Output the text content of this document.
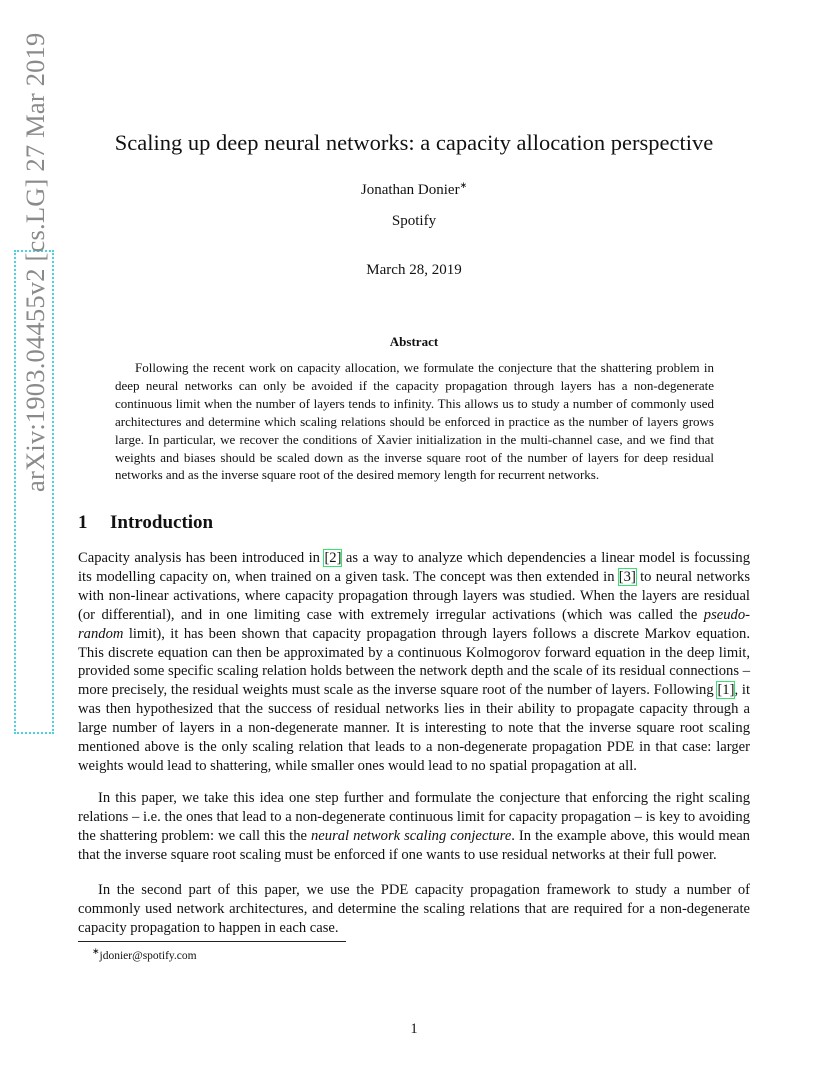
arXiv:1903.04455v2 [cs.LG] 27 Mar 2019	Scaling up deep neural networks: a capacity allocation perspective
Jonathan Donier∗
Spotify
March 28, 2019
Abstract

Following the recent work on capacity allocation, we formulate the conjecture that the shattering problem in deep neural networks can only be avoided if the capacity propagation through layers has a non-degenerate continuous limit when the number of layers tends to infinity. This allows us to study a number of commonly used architectures and determine which scaling relations should be enforced in practice as the number of layers grows large. In particular, we recover the conditions of Xavier initialization in the multi-channel case, and we find that weights and biases should be scaled down as the inverse square root of the number of layers for deep residual networks and as the inverse square root of the desired memory length for recurrent networks.

1 Introduction

Capacity analysis has been introduced in [2] as a way to analyze which dependencies a linear model is focussing its modelling capacity on, when trained on a given task. The concept was then extended in [3] to neural networks with non-linear activations, where capacity propagation through layers was studied. When the layers are residual (or differential), and in one limiting case with extremely irregular activations (which was called the pseudo-random limit), it has been shown that capacity propagation through layers follows a discrete Markov equation. This discrete equation can then be approximated by a continuous Kolmogorov forward equation in the deep limit, provided some specific scaling relation holds between the network depth and the scale of its residual connections – more precisely, the residual weights must scale as the inverse square root of the number of layers. Following [1], it was then hypothesized that the success of residual networks lies in their ability to propagate capacity through a large number of layers in a non-degenerate manner. It is interesting to note that the inverse square root scaling mentioned above is the only scaling relation that leads to a non-degenerate propagation PDE in that case: larger weights would lead to shattering, while smaller ones would lead to no spatial propagation at all.

In this paper, we take this idea one step further and formulate the conjecture that enforcing the right scaling relations – i.e. the ones that lead to a non-degenerate continuous limit for capacity propagation – is key to avoiding the shattering problem: we call this the neural network scaling conjecture. In the example above, this would mean that the inverse square root scaling must be enforced if one wants to use residual networks at their full power.

In the second part of this paper, we use the PDE capacity propagation framework to study a number of commonly used network architectures, and determine the scaling relations that are required for a non-degenerate capacity propagation to happen in each case.

∗jdonier@spotify.com
1
